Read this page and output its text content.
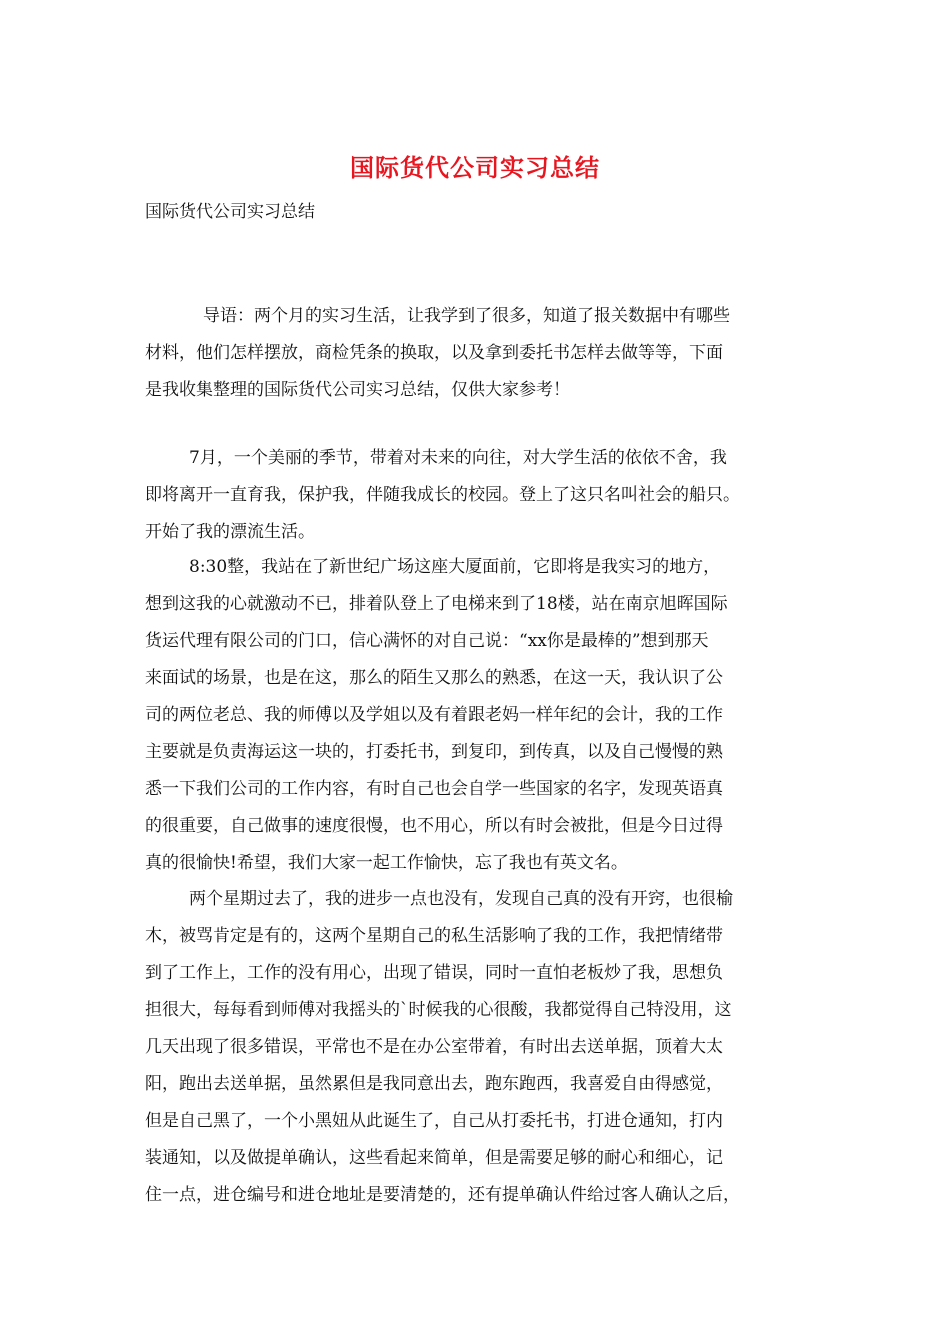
国际货代公司实习总结
国际货代公司实习总结
导语：两个月的实习生活，让我学到了很多，知道了报关数据中有哪些
材料，他们怎样摆放，商检凭条的换取，以及拿到委托书怎样去做等等，下面
是我收集整理的国际货代公司实习总结，仅供大家参考！
7月，一个美丽的季节，带着对未来的向往，对大学生活的依依不舍，我
即将离开一直育我，保护我，伴随我成长的校园。登上了这只名叫社会的船只。
开始了我的漂流生活。
8:30整，我站在了新世纪广场这座大厦面前，它即将是我实习的地方，
想到这我的心就激动不已，排着队登上了电梯来到了18楼，站在南京旭晖国际
货运代理有限公司的门口，信心满怀的对自己说：“xx你是最棒的”想到那天
来面试的场景，也是在这，那么的陌生又那么的熟悉，在这一天，我认识了公
司的两位老总、我的师傅以及学姐以及有着跟老妈一样年纪的会计，我的工作
主要就是负责海运这一块的，打委托书，到复印，到传真，以及自己慢慢的熟
悉一下我们公司的工作内容，有时自己也会自学一些国家的名字，发现英语真
的很重要，自己做事的速度很慢，也不用心，所以有时会被批，但是今日过得
真的很愉快!希望，我们大家一起工作愉快，忘了我也有英文名。
两个星期过去了，我的进步一点也没有，发现自己真的没有开窍，也很榆
木，被骂肯定是有的，这两个星期自己的私生活影响了我的工作，我把情绪带
到了工作上，工作的没有用心，出现了错误，同时一直怕老板炒了我，思想负
担很大，每每看到师傅对我摇头的`时候我的心很酸，我都觉得自己特没用，这
几天出现了很多错误，平常也不是在办公室带着，有时出去送单据，顶着大太
阳，跑出去送单据，虽然累但是我同意出去，跑东跑西，我喜爱自由得感觉，
但是自己黑了，一个小黑妞从此诞生了，自己从打委托书，打进仓通知，打内
装通知，以及做提单确认，这些看起来简单，但是需要足够的耐心和细心，记
住一点，进仓编号和进仓地址是要清楚的，还有提单确认件给过客人确认之后，
